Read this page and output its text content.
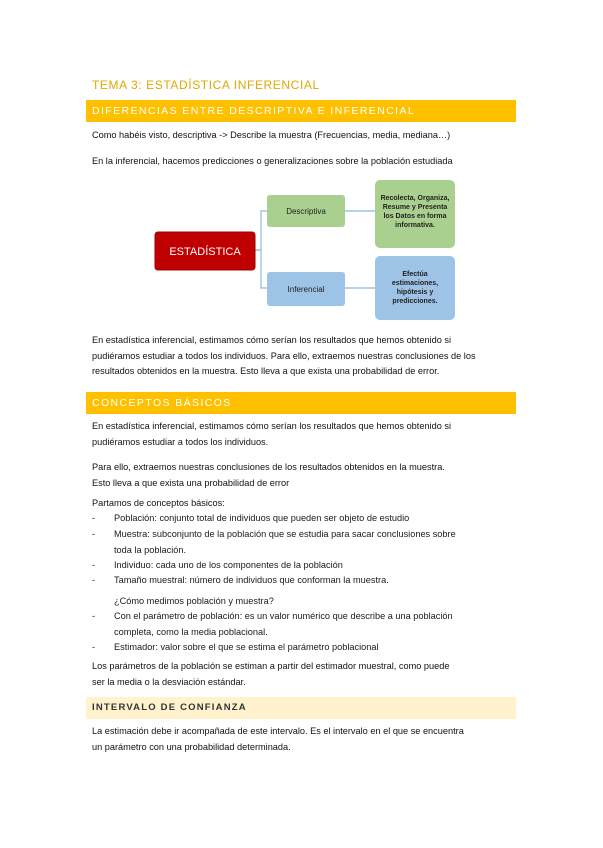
TEMA 3: ESTADÍSTICA INFERENCIAL
DIFERENCIAS ENTRE DESCRIPTIVA E INFERENCIAL
Como habéis visto, descriptiva -> Describe la muestra (Frecuencias, media, mediana…)
En la inferencial, hacemos predicciones o generalizaciones sobre la población estudiada
ESTADÍSTICA
Descriptiva
Inferencial
Recolecta, Organiza,
Resume y Presenta
los Datos en forma
informativa.
Efectúa
estimaciones,
hipótesis y
predicciones.
En estadística inferencial, estimamos cómo serían los resultados que hemos obtenido si
pudiéramos estudiar a todos los individuos. Para ello, extraemos nuestras conclusiones de los
resultados obtenidos en la muestra. Esto lleva a que exista una probabilidad de error.
CONCEPTOS BÁSICOS
En estadística inferencial, estimamos cómo serían los resultados que hemos obtenido si
pudiéramos estudiar a todos los individuos.
Para ello, extraemos nuestras conclusiones de los resultados obtenidos en la muestra.
Esto lleva a que exista una probabilidad de error
Partamos de conceptos básicos:
- Población: conjunto total de individuos que pueden ser objeto de estudio
- Muestra: subconjunto de la población que se estudia para sacar conclusiones sobre
toda la población.
- Individuo: cada uno de los componentes de la población
- Tamaño muestral: número de individuos que conforman la muestra.
¿Cómo medimos población y muestra?
- Con el parámetro de población: es un valor numérico que describe a una población
completa, como la media poblacional.
- Estimador: valor sobre el que se estima el parámetro poblacional
Los parámetros de la población se estiman a partir del estimador muestral, como puede
ser la media o la desviación estándar.
INTERVALO DE CONFIANZA
La estimación debe ir acompañada de este intervalo. Es el intervalo en el que se encuentra
un parámetro con una probabilidad determinada.
